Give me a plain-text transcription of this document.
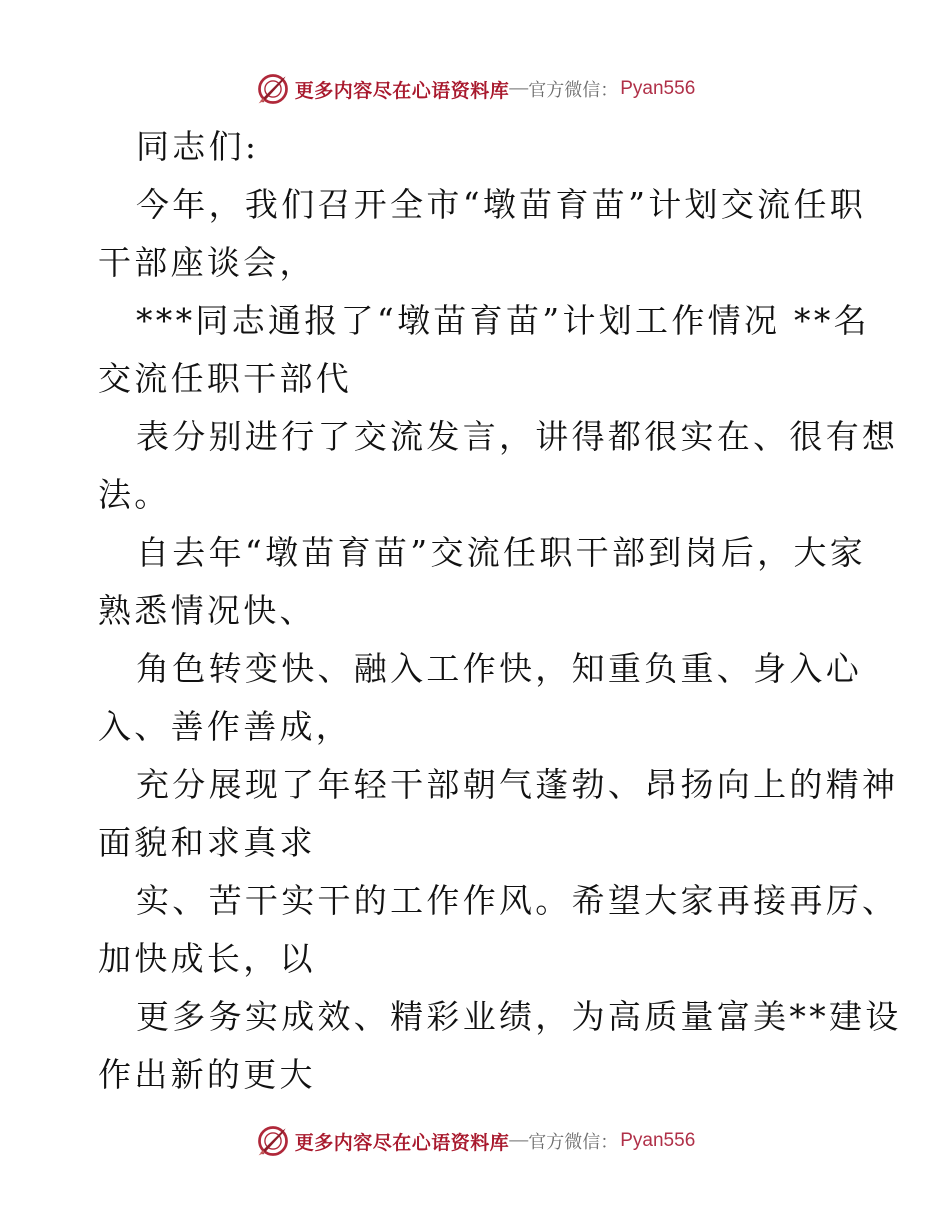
更多内容尽在心语资料库 — 官方微信： Pyan556
同志们:
今年，我们召开全市“墩苗育苗”计划交流任职
干部座谈会，
***同志通报了“墩苗育苗”计划工作情况 **名
交流任职干部代
表分别进行了交流发言，讲得都很实在、很有想
法。
自去年“墩苗育苗”交流任职干部到岗后，大家
熟悉情况快、
角色转变快、融入工作快，知重负重、身入心
入、善作善成，
充分展现了年轻干部朝气蓬勃、昂扬向上的精神
面貌和求真求
实、苦干实干的工作作风。希望大家再接再厉、
加快成长，以
更多务实成效、精彩业绩，为高质量富美**建设
作出新的更大
更多内容尽在心语资料库 — 官方微信： Pyan556
